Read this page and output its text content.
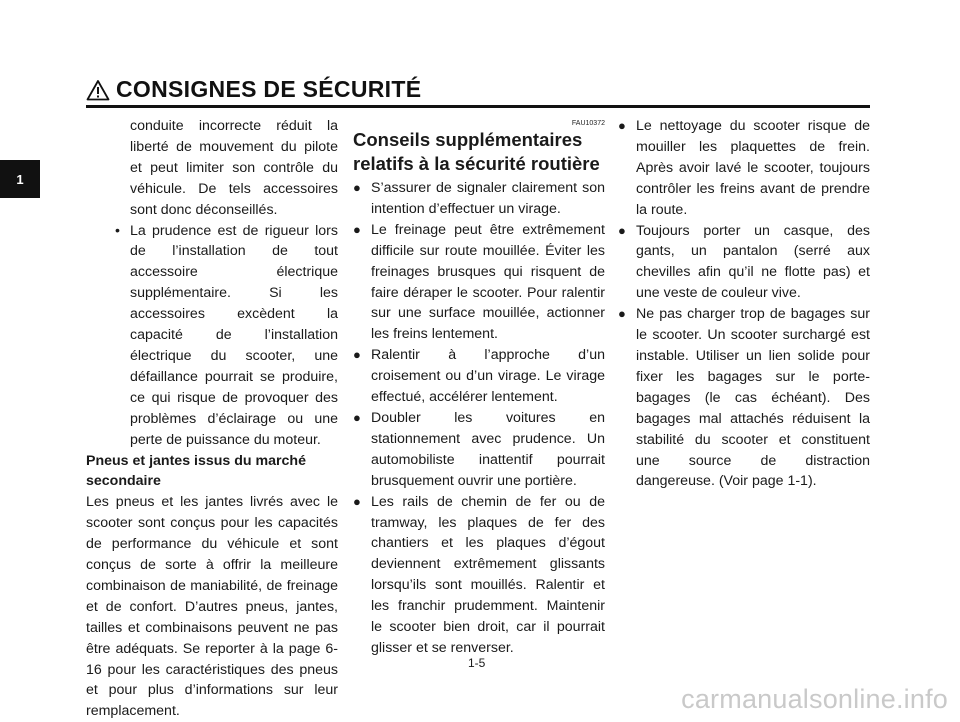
CONSIGNES DE SÉCURITÉ
1

conduite incorrecte réduit la liberté de mouvement du pilote et peut limiter son contrôle du véhicule. De tels accessoires sont donc déconseillés.

• La prudence est de rigueur lors de l’installation de tout accessoire électrique supplémentaire. Si les accessoires excèdent la capacité de l’installation électrique du scooter, une défaillance pourrait se produire, ce qui risque de provoquer des problèmes d’éclairage ou une perte de puissance du moteur.

Pneus et jantes issus du marché secondaire

Les pneus et les jantes livrés avec le scooter sont conçus pour les capacités de performance du véhicule et sont conçus de sorte à offrir la meilleure combinaison de maniabilité, de freinage et de confort. D’autres pneus, jantes, tailles et combinaisons peuvent ne pas être adéquats. Se reporter à la page 6-16 pour les caractéristiques des pneus et pour plus d’informations sur leur remplacement.

FAU10372
Conseils supplémentaires relatifs à la sécurité routière
● S’assurer de signaler clairement son intention d’effectuer un virage.
● Le freinage peut être extrêmement difficile sur route mouillée. Éviter les freinages brusques qui risquent de faire déraper le scooter. Pour ralentir sur une surface mouillée, actionner les freins lentement.
● Ralentir à l’approche d’un croisement ou d’un virage. Le virage effectué, accélérer lentement.
● Doubler les voitures en stationnement avec prudence. Un automobiliste inattentif pourrait brusquement ouvrir une portière.
● Les rails de chemin de fer ou de tramway, les plaques de fer des chantiers et les plaques d’égout deviennent extrêmement glissants lorsqu’ils sont mouillés. Ralentir et les franchir prudemment. Maintenir le scooter bien droit, car il pourrait glisser et se renverser.
● Le nettoyage du scooter risque de mouiller les plaquettes de frein. Après avoir lavé le scooter, toujours contrôler les freins avant de prendre la route.
● Toujours porter un casque, des gants, un pantalon (serré aux chevilles afin qu’il ne flotte pas) et une veste de couleur vive.
● Ne pas charger trop de bagages sur le scooter. Un scooter surchargé est instable. Utiliser un lien solide pour fixer les bagages sur le porte-bagages (le cas échéant). Des bagages mal attachés réduisent la stabilité du scooter et constituent une source de distraction dangereuse. (Voir page 1-1).
1-5
carmanualsonline.info
